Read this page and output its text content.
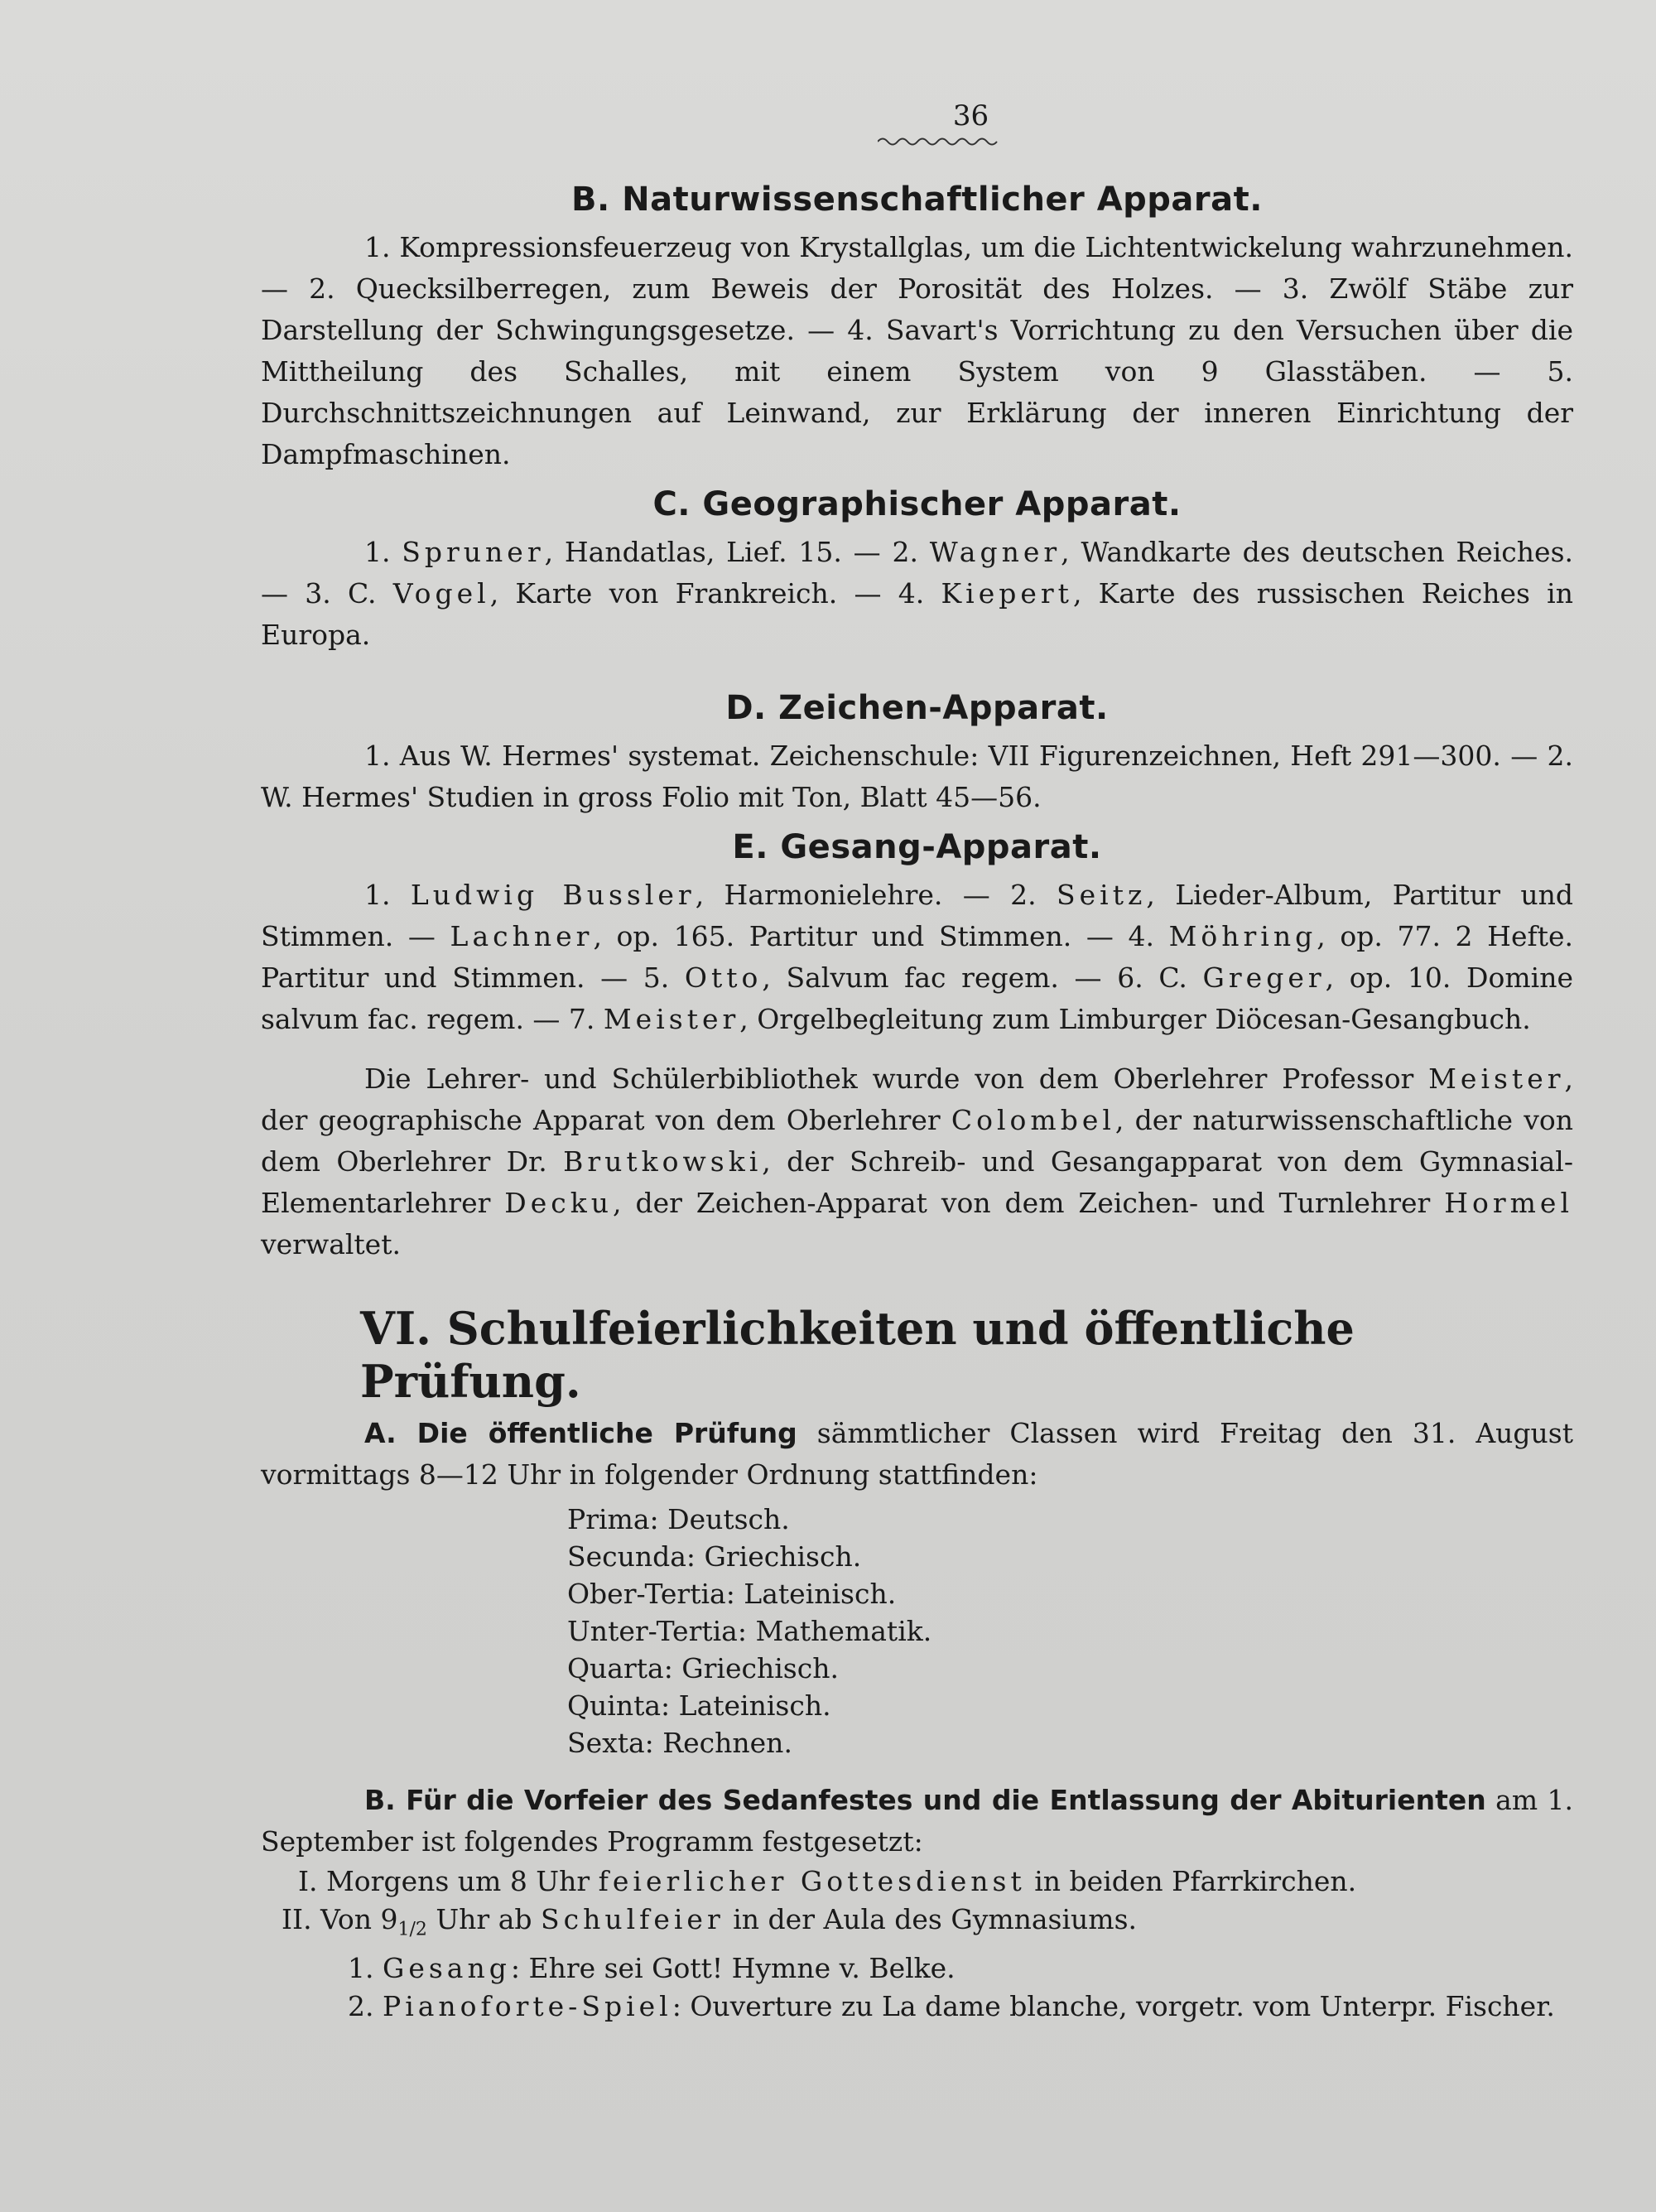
36
B. Naturwissenschaftlicher Apparat.

1. Kompressionsfeuerzeug von Krystallglas, um die Lichtentwickelung wahrzunehmen. — 2. Quecksilberregen, zum Beweis der Porosität des Holzes. — 3. Zwölf Stäbe zur Darstellung der Schwingungsgesetze. — 4. Savart's Vorrichtung zu den Versuchen über die Mittheilung des Schalles, mit einem System von 9 Glasstäben. — 5. Durchschnittszeichnungen auf Leinwand, zur Erklärung der inneren Einrichtung der Dampfmaschinen.

C. Geographischer Apparat.

1. Spruner, Handatlas, Lief. 15. — 2. Wagner, Wandkarte des deutschen Reiches. — 3. C. Vogel, Karte von Frankreich. — 4. Kiepert, Karte des russischen Reiches in Europa.

D. Zeichen-Apparat.

1. Aus W. Hermes' systemat. Zeichenschule: VII Figurenzeichnen, Heft 291—300. — 2. W. Hermes' Studien in gross Folio mit Ton, Blatt 45—56.

E. Gesang-Apparat.

1. Ludwig Bussler, Harmonielehre. — 2. Seitz, Lieder-Album, Partitur und Stimmen. — Lachner, op. 165. Partitur und Stimmen. — 4. Möhring, op. 77. 2 Hefte. Partitur und Stimmen. — 5. Otto, Salvum fac regem. — 6. C. Greger, op. 10. Domine salvum fac. regem. — 7. Meister, Orgelbegleitung zum Limburger Diöcesan-Gesangbuch.

Die Lehrer- und Schülerbibliothek wurde von dem Oberlehrer Professor Meister, der geographische Apparat von dem Oberlehrer Colombel, der naturwissenschaftliche von dem Oberlehrer Dr. Brutkowski, der Schreib- und Gesangapparat von dem Gymnasial-Elementarlehrer Decku, der Zeichen-Apparat von dem Zeichen- und Turnlehrer Hormel verwaltet.

VI. Schulfeierlichkeiten und öffentliche Prüfung.

A. Die öffentliche Prüfung sämmtlicher Classen wird Freitag den 31. August vormittags 8—12 Uhr in folgender Ordnung stattfinden:

Prima: Deutsch.
Secunda: Griechisch.
Ober-Tertia: Lateinisch.
Unter-Tertia: Mathematik.
Quarta: Griechisch.
Quinta: Lateinisch.
Sexta: Rechnen.

B. Für die Vorfeier des Sedanfestes und die Entlassung der Abiturienten am 1. September ist folgendes Programm festgesetzt:

I. Morgens um 8 Uhr feierlicher Gottesdienst in beiden Pfarrkirchen.
II. Von $9_{1/2}$ Uhr ab Schulfeier in der Aula des Gymnasiums.
1. Gesang: Ehre sei Gott! Hymne v. Belke.
2. Pianoforte-Spiel: Ouverture zu La dame blanche, vorgetr. vom Unterpr. Fischer.
